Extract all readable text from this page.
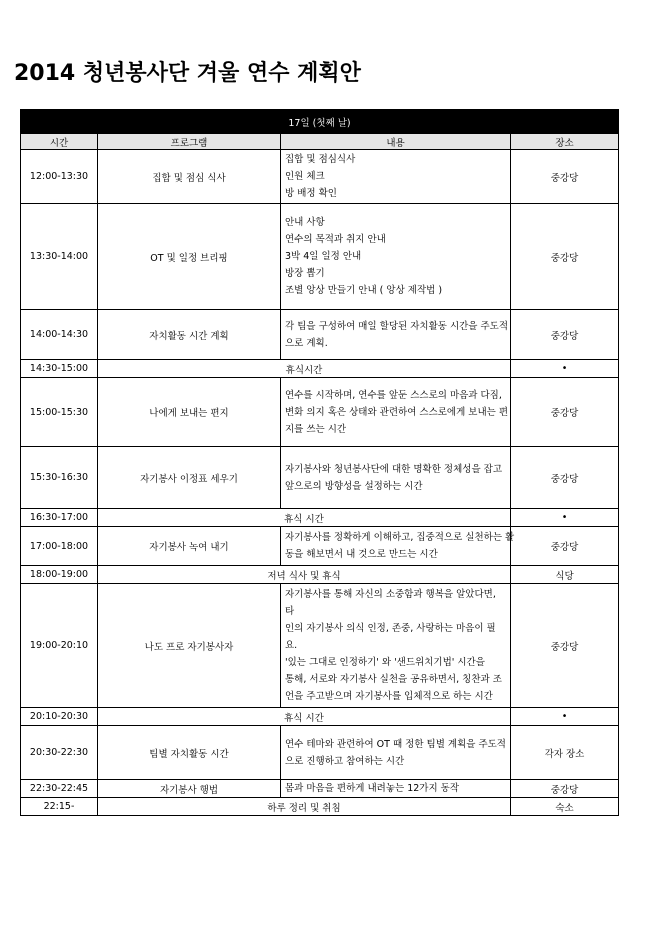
2014 청년봉사단 겨울 연수 계획안
17일 (첫째 날)			
시간	프로그램	내용	장소
12:00-13:30	집합 및 점심 식사	집합 및 점심식사
인원 체크
방 배정 확인	중강당
13:30-14:00	OT 및 일정 브리핑	안내 사항
연수의 목적과 취지 안내
3박 4일 일정 안내
방장 뽑기
조별 앙상 만들기 안내 ( 앙상 제작법 )	중강당
14:00-14:30	자치활동 시간 계획	각 팀을 구성하여 매일 할당된 자치활동 시간을 주도적
으로 계획.	중강당
14:30-15:00	휴식시간		•
15:00-15:30	나에게 보내는 편지	연수를 시작하며, 연수를 앞둔 스스로의 마음과 다짐,
변화 의지 혹은 상태와 관련하여 스스로에게 보내는 편
지를 쓰는 시간	중강당
15:30-16:30	자기봉사 이정표 세우기	자기봉사와 청년봉사단에 대한 명확한 정체성을 잡고
앞으로의 방향성을 설정하는 시간	중강당
16:30-17:00	휴식 시간		•
17:00-18:00	자기봉사 녹여 내기	자기봉사를 정확하게 이해하고, 집중적으로 실천하는 활
동을 해보면서 내 것으로 만드는 시간	중강당
18:00-19:00	저녁 식사 및 휴식		식당
19:00-20:10	나도 프로 자기봉사자	자기봉사를 통해 자신의 소중함과 행복을 알았다면, 타
인의 자기봉사 의식 인정, 존중, 사랑하는 마음이 필요.
'있는 그대로 인정하기' 와 '샌드위치기법' 시간을
통해, 서로와 자기봉사 실천을 공유하면서, 칭찬과 조
언을 주고받으며 자기봉사를 입체적으로 하는 시간	중강당
20:10-20:30	휴식 시간		•
20:30-22:30	팀별 자치활동 시간	연수 테마와 관련하여 OT 때 정한 팀별 계획을 주도적
으로 진행하고 참여하는 시간	각자 장소
22:30-22:45	자기봉사 행법	몸과 마음을 편하게 내려놓는 12가지 동작	중강당
22:15-	하루 정리 및 취침		숙소
